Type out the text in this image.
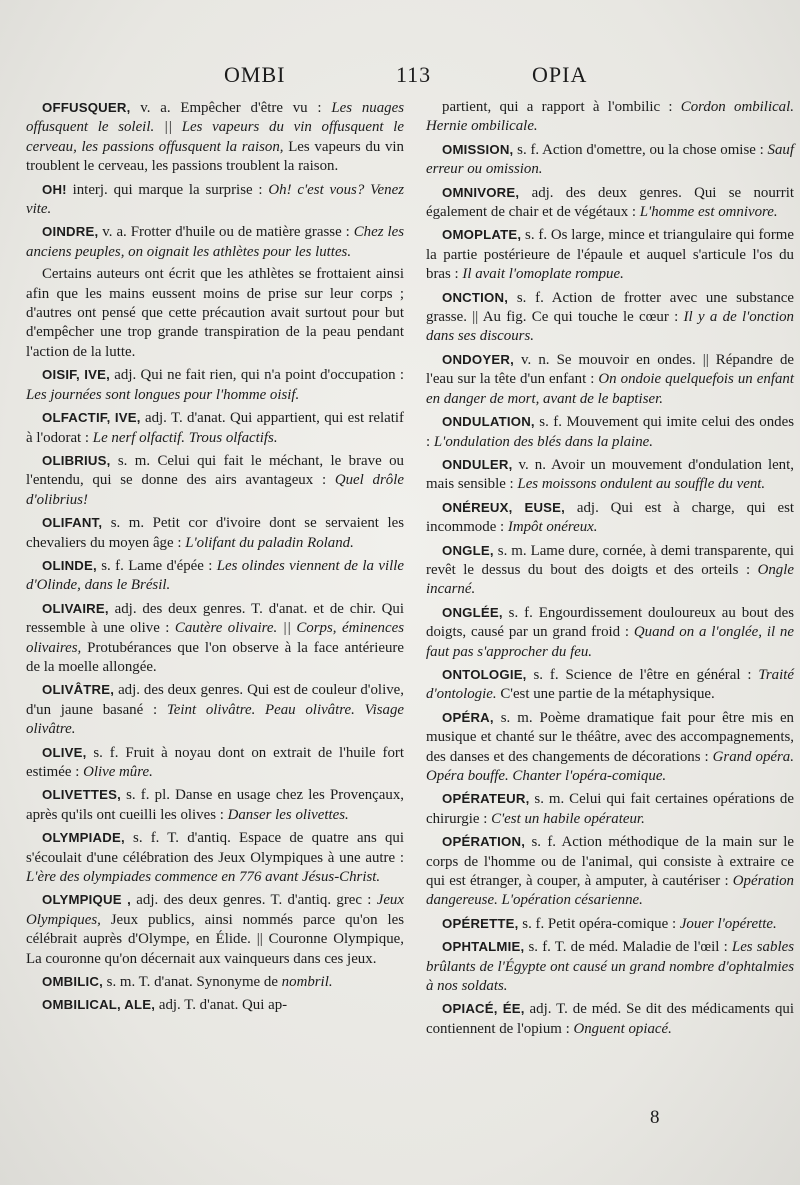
OMBI	113	OPIA

OFFUSQUER, v. a. Empêcher d'être vu : Les nuages offusquent le soleil. || Les vapeurs du vin offusquent le cerveau, les passions offusquent la raison, Les vapeurs du vin troublent le cerveau, les passions troublent la raison.

OH! interj. qui marque la surprise : Oh! c'est vous? Venez vite.

OINDRE, v. a. Frotter d'huile ou de matière grasse : Chez les anciens peuples, on oignait les athlètes pour les luttes.

Certains auteurs ont écrit que les athlètes se frottaient ainsi afin que les mains eussent moins de prise sur leur corps ; d'autres ont pensé que cette précaution avait surtout pour but d'empêcher une trop grande transpiration de la peau pendant l'action de la lutte.

OISIF, IVE, adj. Qui ne fait rien, qui n'a point d'occupation : Les journées sont longues pour l'homme oisif.

OLFACTIF, IVE, adj. T. d'anat. Qui appartient, qui est relatif à l'odorat : Le nerf olfactif. Trous olfactifs.

OLIBRIUS, s. m. Celui qui fait le méchant, le brave ou l'entendu, qui se donne des airs avantageux : Quel drôle d'olibrius!

OLIFANT, s. m. Petit cor d'ivoire dont se servaient les chevaliers du moyen âge : L'olifant du paladin Roland.

OLINDE, s. f. Lame d'épée : Les olindes viennent de la ville d'Olinde, dans le Brésil.

OLIVAIRE, adj. des deux genres. T. d'anat. et de chir. Qui ressemble à une olive : Cautère olivaire. || Corps, éminences olivaires, Protubérances que l'on observe à la face antérieure de la moelle allongée.

OLIVÂTRE, adj. des deux genres. Qui est de couleur d'olive, d'un jaune basané : Teint olivâtre. Peau olivâtre. Visage olivâtre.

OLIVE, s. f. Fruit à noyau dont on extrait de l'huile fort estimée : Olive mûre.

OLIVETTES, s. f. pl. Danse en usage chez les Provençaux, après qu'ils ont cueilli les olives : Danser les olivettes.

OLYMPIADE, s. f. T. d'antiq. Espace de quatre ans qui s'écoulait d'une célébration des Jeux Olympiques à une autre : L'ère des olympiades commence en 776 avant Jésus-Christ.

OLYMPIQUE , adj. des deux genres. T. d'antiq. grec : Jeux Olympiques, Jeux publics, ainsi nommés parce qu'on les célébrait auprès d'Olympe, en Élide. || Couronne Olympique, La couronne qu'on décernait aux vainqueurs dans ces jeux.

OMBILIC, s. m. T. d'anat. Synonyme de nombril.

OMBILICAL, ALE, adj. T. d'anat. Qui ap-

partient, qui a rapport à l'ombilic : Cordon ombilical. Hernie ombilicale.

OMISSION, s. f. Action d'omettre, ou la chose omise : Sauf erreur ou omission.

OMNIVORE, adj. des deux genres. Qui se nourrit également de chair et de végétaux : L'homme est omnivore.

OMOPLATE, s. f. Os large, mince et triangulaire qui forme la partie postérieure de l'épaule et auquel s'articule l'os du bras : Il avait l'omoplate rompue.

ONCTION, s. f. Action de frotter avec une substance grasse. || Au fig. Ce qui touche le cœur : Il y a de l'onction dans ses discours.

ONDOYER, v. n. Se mouvoir en ondes. || Répandre de l'eau sur la tête d'un enfant : On ondoie quelquefois un enfant en danger de mort, avant de le baptiser.

ONDULATION, s. f. Mouvement qui imite celui des ondes : L'ondulation des blés dans la plaine.

ONDULER, v. n. Avoir un mouvement d'ondulation lent, mais sensible : Les moissons ondulent au souffle du vent.

ONÉREUX, EUSE, adj. Qui est à charge, qui est incommode : Impôt onéreux.

ONGLE, s. m. Lame dure, cornée, à demi transparente, qui revêt le dessus du bout des doigts et des orteils : Ongle incarné.

ONGLÉE, s. f. Engourdissement douloureux au bout des doigts, causé par un grand froid : Quand on a l'onglée, il ne faut pas s'approcher du feu.

ONTOLOGIE, s. f. Science de l'être en général : Traité d'ontologie. C'est une partie de la métaphysique.

OPÉRA, s. m. Poème dramatique fait pour être mis en musique et chanté sur le théâtre, avec des accompagnements, des danses et des changements de décorations : Grand opéra. Opéra bouffe. Chanter l'opéra-comique.

OPÉRATEUR, s. m. Celui qui fait certaines opérations de chirurgie : C'est un habile opérateur.

OPÉRATION, s. f. Action méthodique de la main sur le corps de l'homme ou de l'animal, qui consiste à extraire ce qui est étranger, à couper, à amputer, à cautériser : Opération dangereuse. L'opération césarienne.

OPÉRETTE, s. f. Petit opéra-comique : Jouer l'opérette.

OPHTALMIE, s. f. T. de méd. Maladie de l'œil : Les sables brûlants de l'Égypte ont causé un grand nombre d'ophtalmies à nos soldats.

OPIACÉ, ÉE, adj. T. de méd. Se dit des médicaments qui contiennent de l'opium : Onguent opiacé.

8
